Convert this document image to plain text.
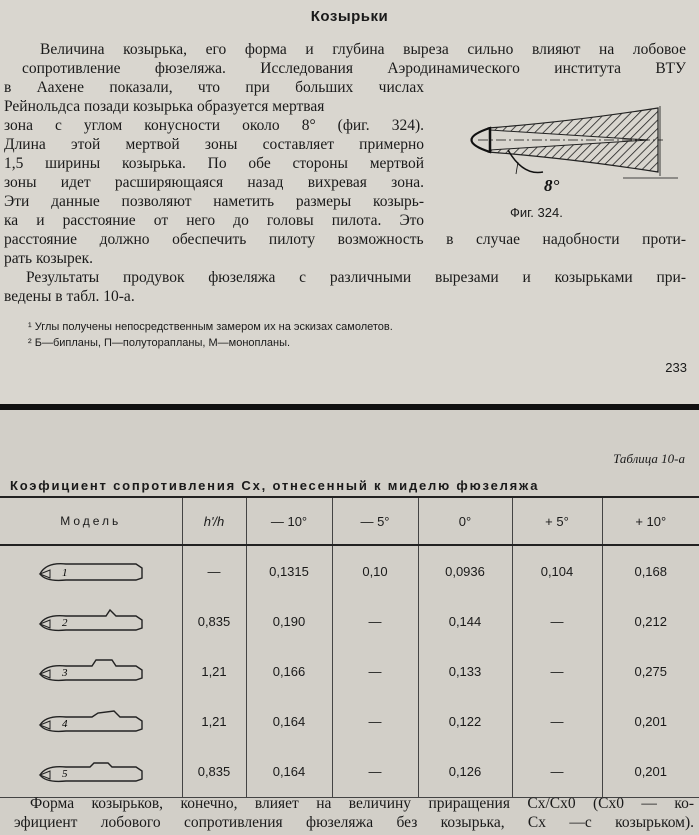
Козырьки
Величина козырька, его форма и глубина выреза сильно влияют на лобовое
сопротивление фюзеляжа. Исследования Аэродинамического института ВТУ
в Аахене показали, что при больших числах
Рейнольдса позади козырька образуется мертвая
зона с углом конусности около 8° (фиг. 324).
Длина этой мертвой зоны составляет примерно
1,5 ширины козырька. По обе стороны мертвой
зоны идет расширяющаяся назад вихревая зона.
Эти данные позволяют наметить размеры козырь-
ка и расстояние от него до головы пилота. Это
расстояние должно обеспечить пилоту возможность в случае надобности проти-
рать козырек.
Результаты продувок фюзеляжа с различными вырезами и козырьками при-
ведены в табл. 10-a.
8°
Фиг. 324.
¹ Углы получены непосредственным замером их на эскизах самолетов.
² Б—бипланы, П—полуторапланы, М—монопланы.
233
Таблица 10-а
Коэфициент сопротивления Cx, отнесенный к миделю фюзеляжа
Модель	h'/h	— 10°	— 5°	0°	+ 5°	+ 10°

1	—	0,1315	0,10	0,0936	0,104	0,168

2	0,835	0,190	—	0,144	—	0,212

3	1,21	0,166	—	0,133	—	0,275

4	1,21	0,164	—	0,122	—	0,201

5	0,835	0,164	—	0,126	—	0,201
Форма козырьков, конечно, влияет на величину приращения Cx/Cx0 (Cx0 — ко-
эфициент лобового сопротивления фюзеляжа без козырька, Cx —с козырьком).
